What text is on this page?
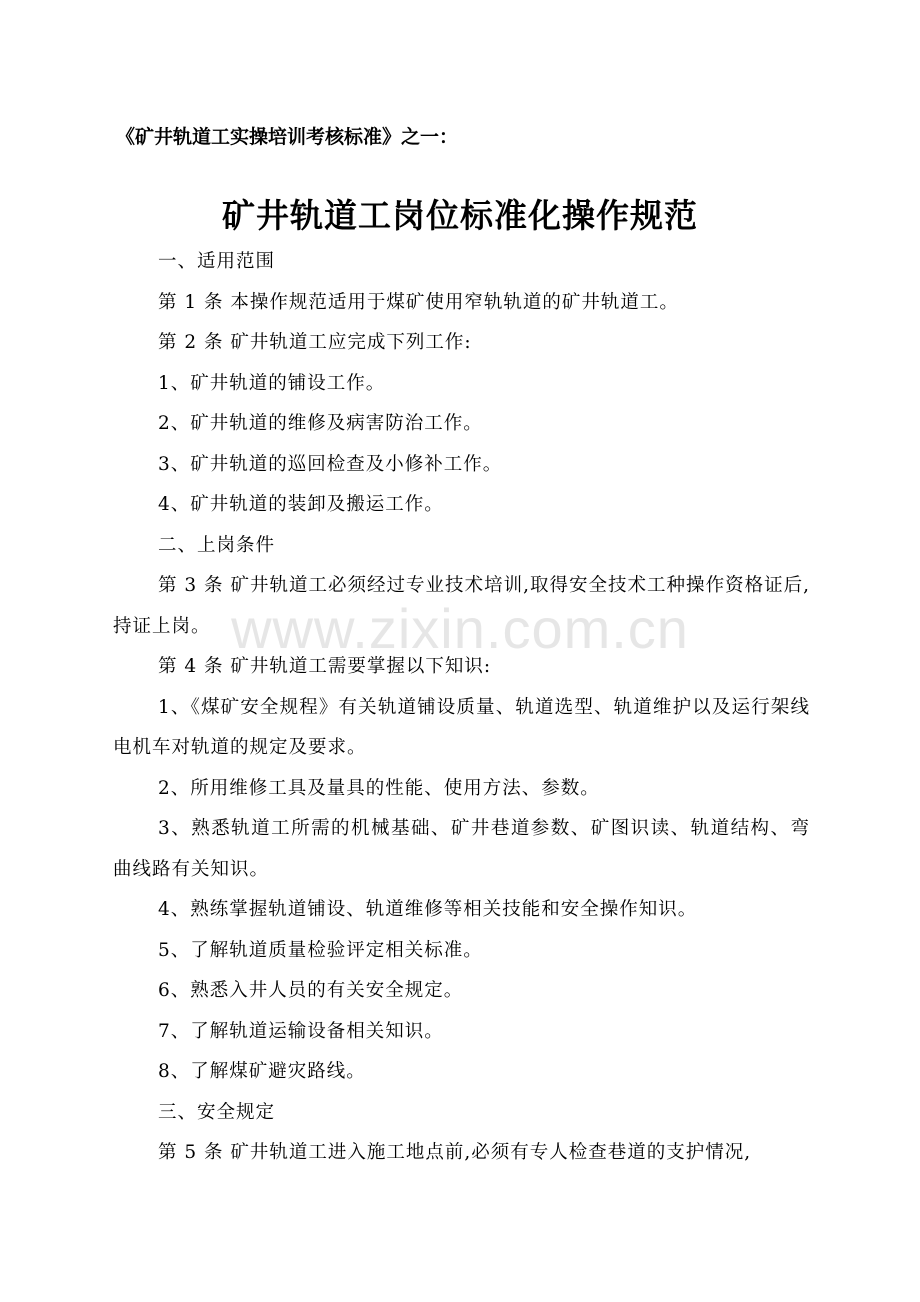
《矿井轨道工实操培训考核标准》之一：
矿井轨道工岗位标准化操作规范

一、适用范围

第 1 条 本操作规范适用于煤矿使用窄轨轨道的矿井轨道工。

第 2 条 矿井轨道工应完成下列工作:

1、矿井轨道的铺设工作。

2、矿井轨道的维修及病害防治工作。

3、矿井轨道的巡回检查及小修补工作。

4、矿井轨道的装卸及搬运工作。

二、上岗条件

第 3 条 矿井轨道工必须经过专业技术培训,取得安全技术工种操作资格证后,持证上岗。

第 4 条 矿井轨道工需要掌握以下知识:

1、《煤矿安全规程》有关轨道铺设质量、轨道选型、轨道维护以及运行架线电机车对轨道的规定及要求。

2、所用维修工具及量具的性能、使用方法、参数。

3、熟悉轨道工所需的机械基础、矿井巷道参数、矿图识读、轨道结构、弯曲线路有关知识。

4、熟练掌握轨道铺设、轨道维修等相关技能和安全操作知识。

5、了解轨道质量检验评定相关标准。

6、熟悉入井人员的有关安全规定。

7、了解轨道运输设备相关知识。

8、了解煤矿避灾路线。

三、安全规定

第 5 条 矿井轨道工进入施工地点前,必须有专人检查巷道的支护情况,

www.zixin.com.cn
